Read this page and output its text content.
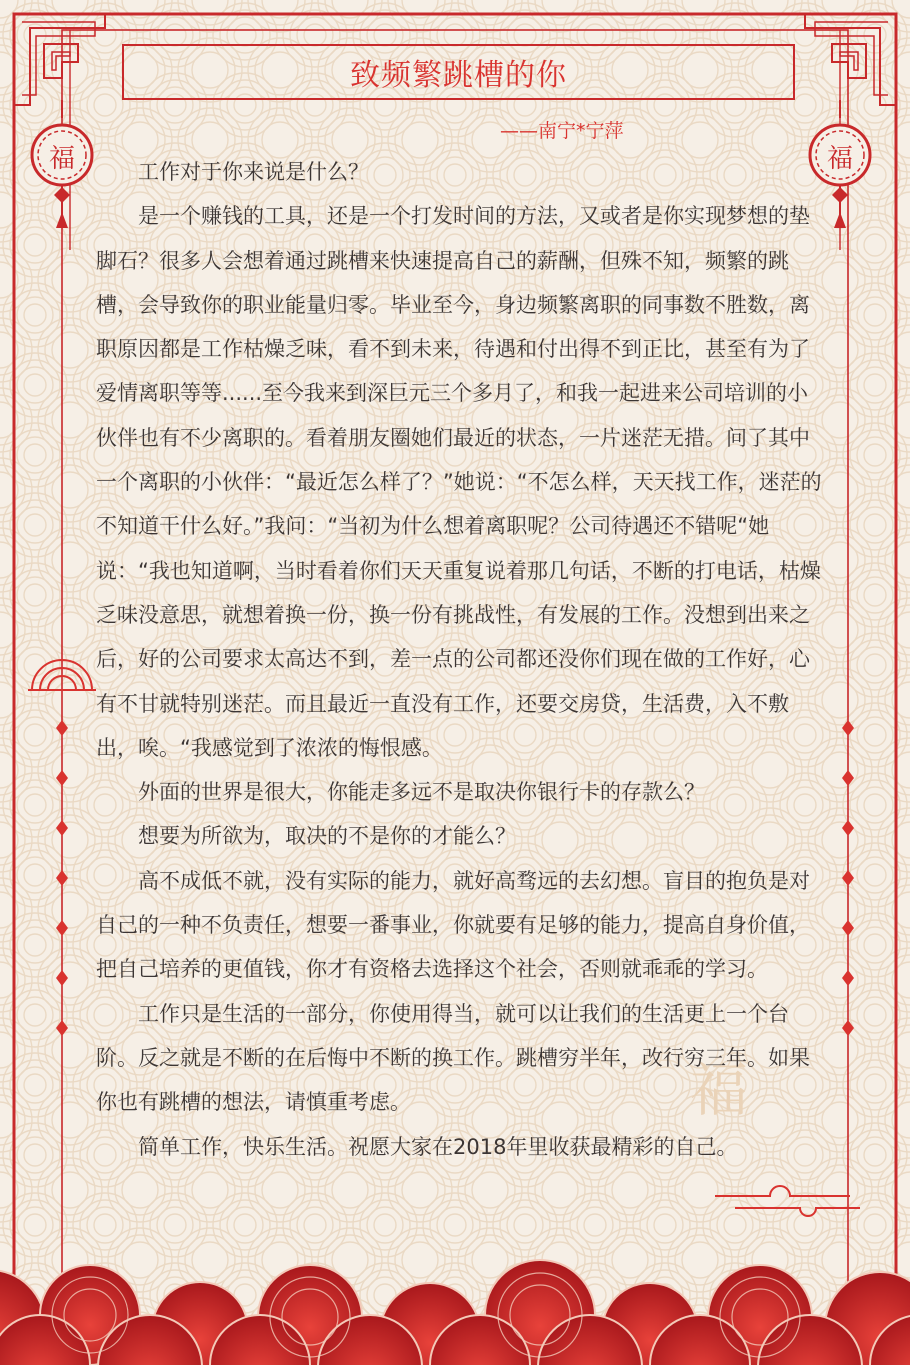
福
福	福
致频繁跳槽的你
——南宁*宁萍

工作对于你来说是什么？

是一个赚钱的工具，还是一个打发时间的方法，又或者是你实现梦想的垫脚石？很多人会想着通过跳槽来快速提高自己的薪酬，但殊不知，频繁的跳槽，会导致你的职业能量归零。毕业至今，身边频繁离职的同事数不胜数，离职原因都是工作枯燥乏味，看不到未来，待遇和付出得不到正比，甚至有为了爱情离职等等......至今我来到深巨元三个多月了，和我一起进来公司培训的小伙伴也有不少离职的。看着朋友圈她们最近的状态，一片迷茫无措。问了其中一个离职的小伙伴：“最近怎么样了？”她说：“不怎么样，天天找工作，迷茫的不知道干什么好。”我问：“当初为什么想着离职呢？公司待遇还不错呢“她说：“我也知道啊，当时看着你们天天重复说着那几句话，不断的打电话，枯燥乏味没意思，就想着换一份，换一份有挑战性，有发展的工作。没想到出来之后，好的公司要求太高达不到，差一点的公司都还没你们现在做的工作好，心有不甘就特别迷茫。而且最近一直没有工作，还要交房贷，生活费，入不敷出，唉。“我感觉到了浓浓的悔恨感。

外面的世界是很大，你能走多远不是取决你银行卡的存款么？

想要为所欲为，取决的不是你的才能么？

高不成低不就，没有实际的能力，就好高骛远的去幻想。盲目的抱负是对自己的一种不负责任，想要一番事业，你就要有足够的能力，提高自身价值，把自己培养的更值钱，你才有资格去选择这个社会，否则就乖乖的学习。

工作只是生活的一部分，你使用得当，就可以让我们的生活更上一个台阶。反之就是不断的在后悔中不断的换工作。跳槽穷半年，改行穷三年。如果你也有跳槽的想法，请慎重考虑。

简单工作，快乐生活。祝愿大家在2018年里收获最精彩的自己。
